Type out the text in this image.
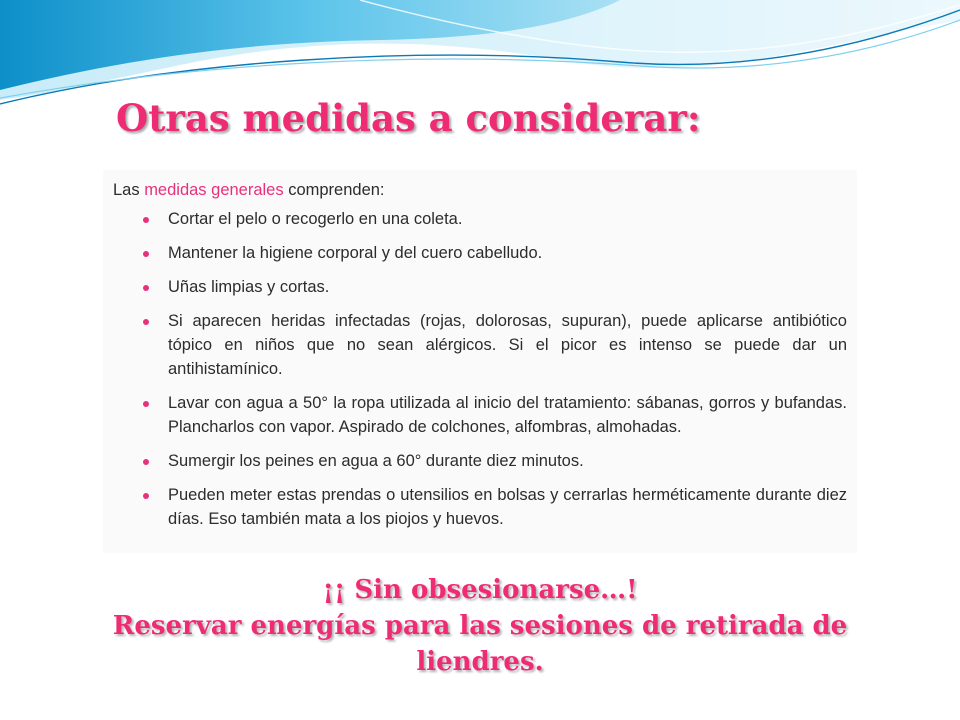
Otras medidas a considerar:

Las medidas generales comprenden:

Cortar el pelo o recogerlo en una coleta.
Mantener la higiene corporal y del cuero cabelludo.
Uñas limpias y cortas.
Si aparecen heridas infectadas (rojas, dolorosas, supuran), puede aplicarse antibiótico tópico en niños que no sean alérgicos. Si el picor es intenso se puede dar un antihistamínico.
Lavar con agua a 50° la ropa utilizada al inicio del tratamiento: sábanas, gorros y bufandas. Plancharlos con vapor. Aspirado de colchones, alfombras, almohadas.
Sumergir los peines en agua a 60° durante diez minutos.
Pueden meter estas prendas o utensilios en bolsas y cerrarlas herméticamente durante diez días. Eso también mata a los piojos y huevos.

¡¡ Sin obsesionarse…!
Reservar energías para las sesiones de retirada de liendres.
